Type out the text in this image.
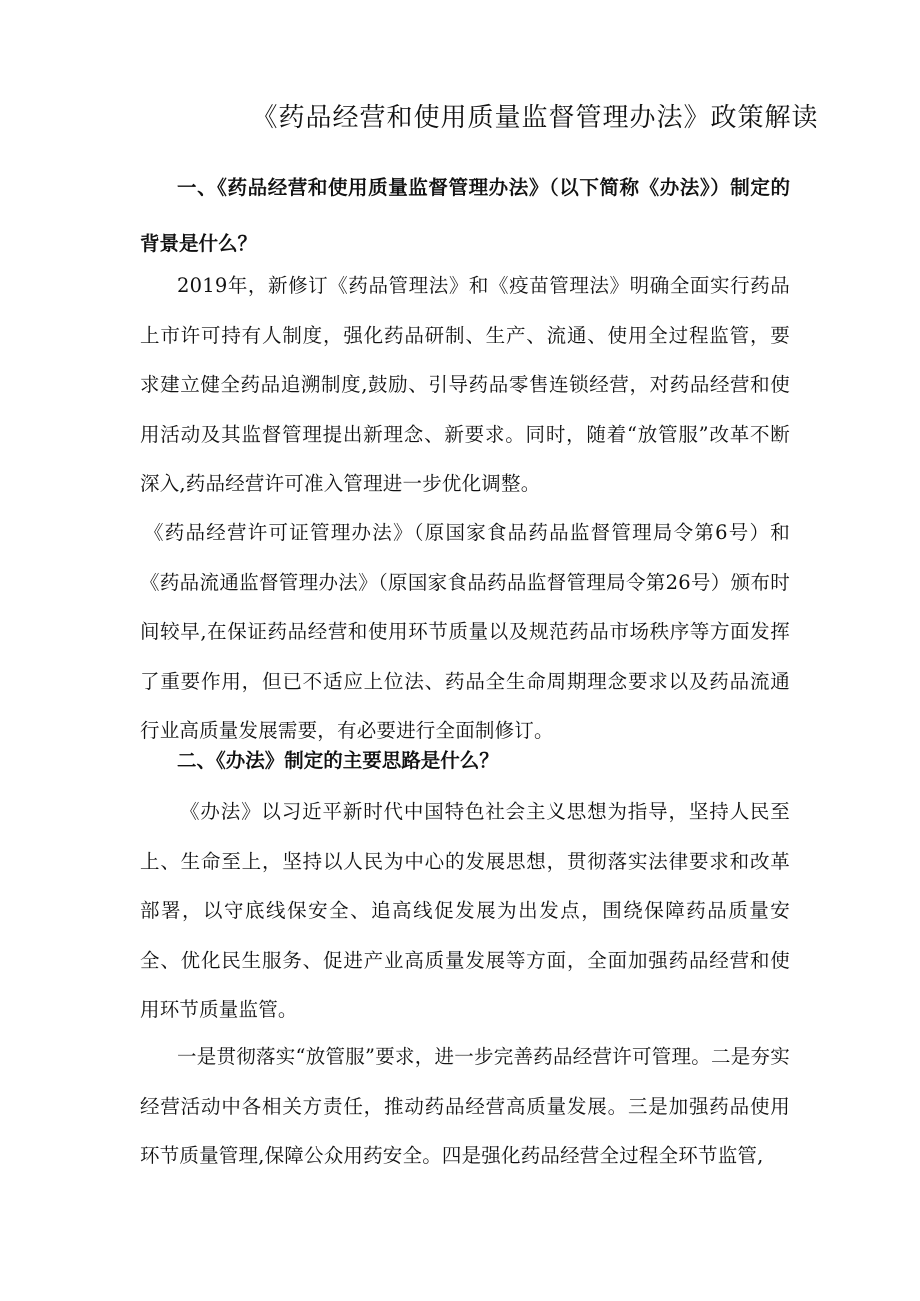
《药品经营和使用质量监督管理办法》政策解读
一、《药品经营和使用质量监督管理办法》（以下简称《办法》）制定的背景是什么？
2019年，新修订《药品管理法》和《疫苗管理法》明确全面实行药品上市许可持有人制度，强化药品研制、生产、流通、使用全过程监管，要求建立健全药品追溯制度,鼓励、引导药品零售连锁经营，对药品经营和使用活动及其监督管理提出新理念、新要求。同时，随着“放管服”改革不断深入,药品经营许可准入管理进一步优化调整。
《药品经营许可证管理办法》（原国家食品药品监督管理局令第6号）和《药品流通监督管理办法》（原国家食品药品监督管理局令第26号）颁布时间较早,在保证药品经营和使用环节质量以及规范药品市场秩序等方面发挥了重要作用，但已不适应上位法、药品全生命周期理念要求以及药品流通行业高质量发展需要，有必要进行全面制修订。
二、《办法》制定的主要思路是什么？
《办法》以习近平新时代中国特色社会主义思想为指导，坚持人民至上、生命至上，坚持以人民为中心的发展思想，贯彻落实法律要求和改革部署，以守底线保安全、追高线促发展为出发点，围绕保障药品质量安全、优化民生服务、促进产业高质量发展等方面，全面加强药品经营和使用环节质量监管。
一是贯彻落实“放管服”要求，进一步完善药品经营许可管理。二是夯实经营活动中各相关方责任，推动药品经营高质量发展。三是加强药品使用环节质量管理,保障公众用药安全。四是强化药品经营全过程全环节监管,
